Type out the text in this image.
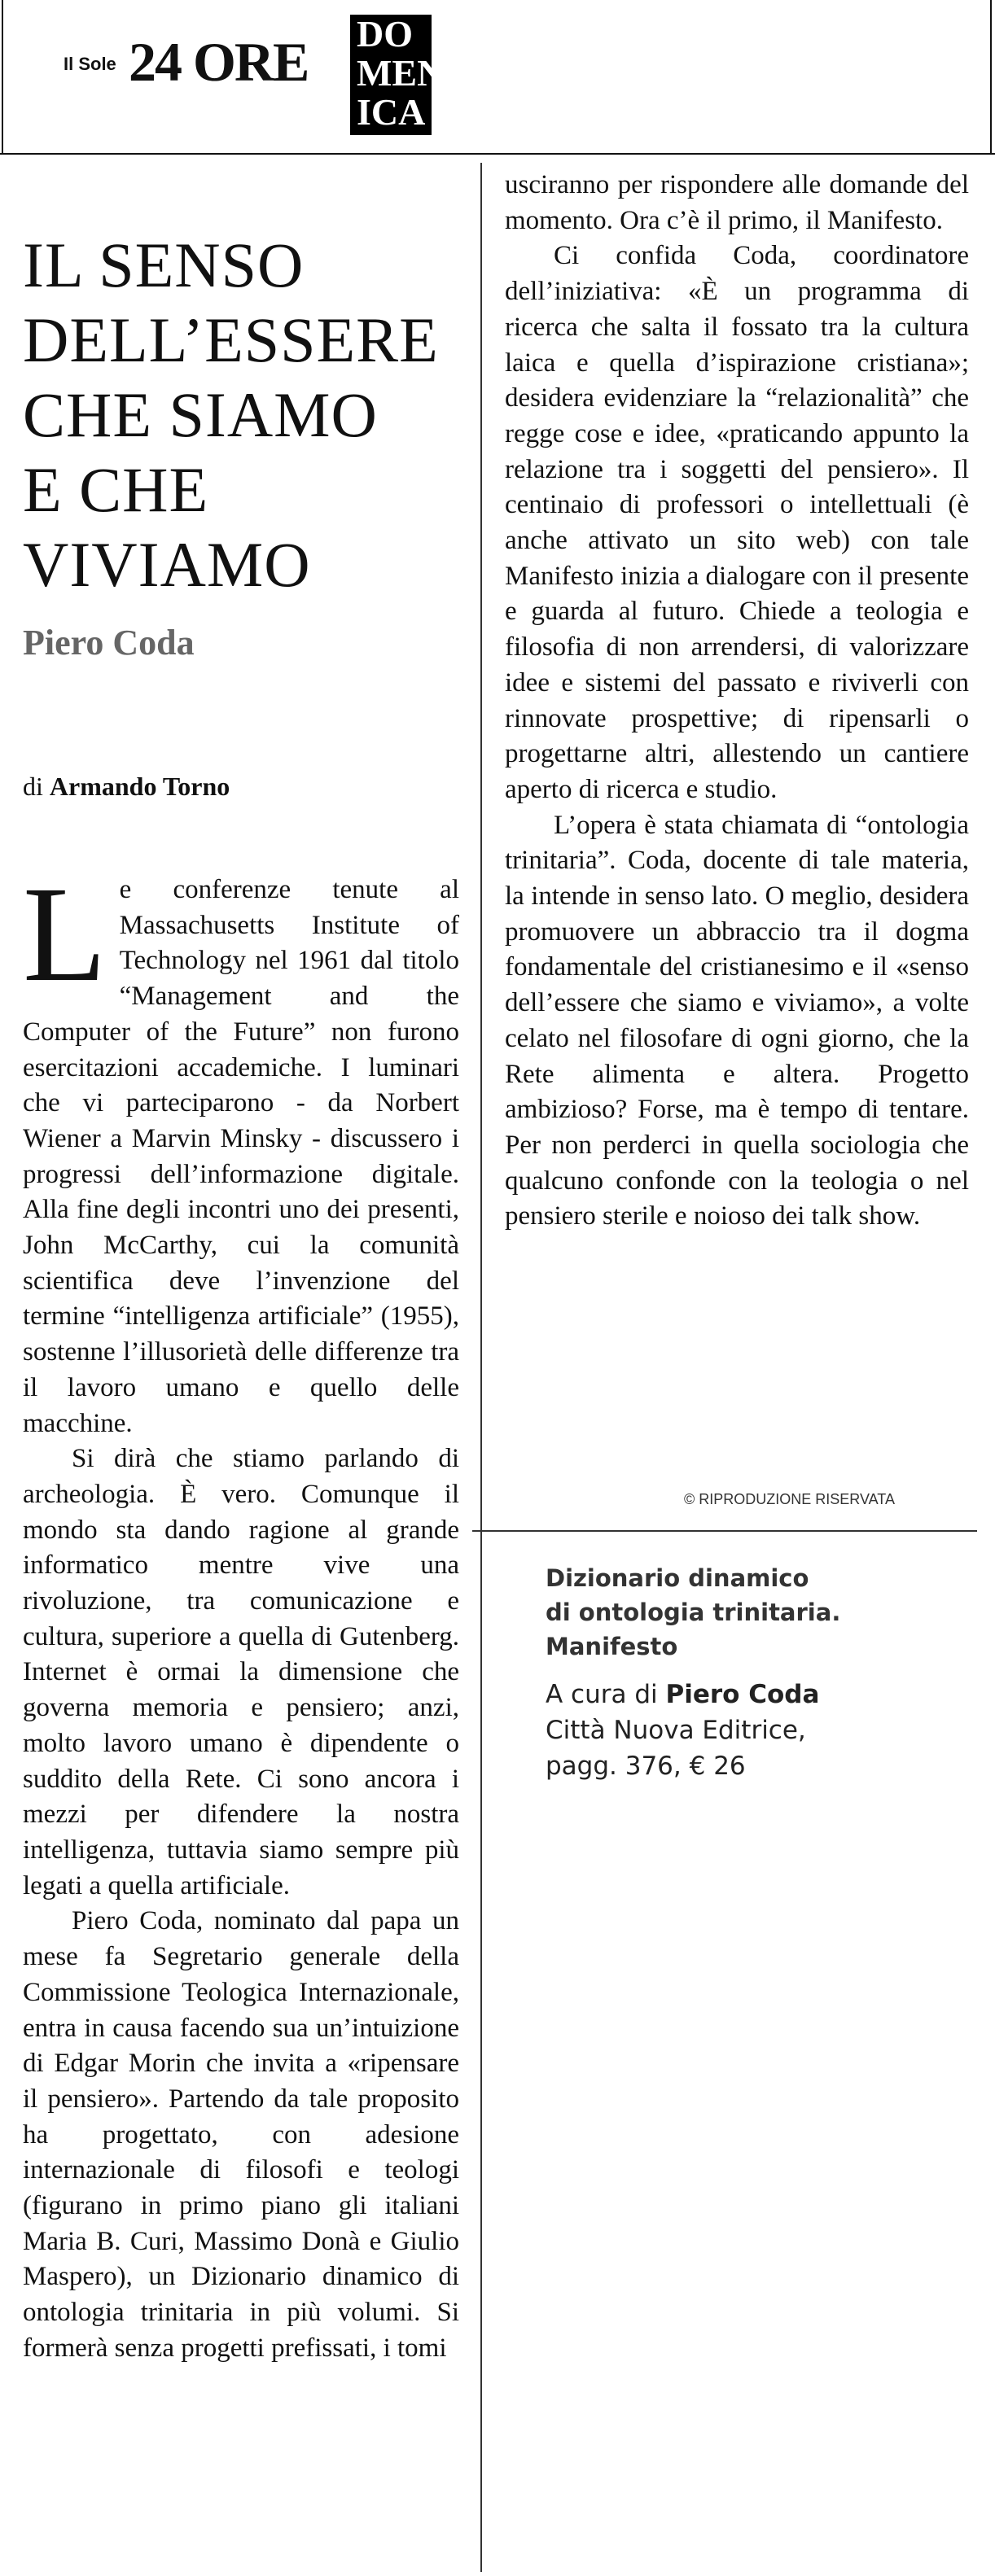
Il Sole 24 ORE DO
MEN
ICA
IL SENSO
DELL’ESSERE
CHE SIAMO
E CHE
VIVIAMO
Piero Coda
di Armando Torno

Le conferenze tenute al Massachusetts Institute of Technology nel 1961 dal titolo “Management and the Computer of the Future” non furono esercitazioni accademiche. I luminari che vi parteciparono - da Norbert Wiener a Marvin Minsky - discussero i progressi dell’informazione digitale. Alla fine degli incontri uno dei presenti, John McCarthy, cui la comunità scientifica deve l’invenzione del termine “intelligenza artificiale” (1955), sostenne l’illusorietà delle differenze tra il lavoro umano e quello delle macchine.

Si dirà che stiamo parlando di archeologia. È vero. Comunque il mondo sta dando ragione al grande informatico mentre vive una rivoluzione, tra comunicazione e cultura, superiore a quella di Gutenberg. Internet è ormai la dimensione che governa memoria e pensiero; anzi, molto lavoro umano è dipendente o suddito della Rete. Ci sono ancora i mezzi per difendere la nostra intelligenza, tuttavia siamo sempre più legati a quella artificiale.

Piero Coda, nominato dal papa un mese fa Segretario generale della Commissione Teologica Internazionale, entra in causa facendo sua un’intuizione di Edgar Morin che invita a «ripensare il pensiero». Partendo da tale proposito ha progettato, con adesione internazionale di filosofi e teologi (figurano in primo piano gli italiani Maria B. Curi, Massimo Donà e Giulio Maspero), un Dizionario dinamico di ontologia trinitaria in più volumi. Si formerà senza progetti prefissati, i tomi

usciranno per rispondere alle domande del momento. Ora c’è il primo, il Manifesto.

Ci confida Coda, coordinatore dell’iniziativa: «È un programma di ricerca che salta il fossato tra la cultura laica e quella d’ispirazione cristiana»; desidera evidenziare la “relazionalità” che regge cose e idee, «praticando appunto la relazione tra i soggetti del pensiero». Il centinaio di professori o intellettuali (è anche attivato un sito web) con tale Manifesto inizia a dialogare con il presente e guarda al futuro. Chiede a teologia e filosofia di non arrendersi, di valorizzare idee e sistemi del passato e riviverli con rinnovate prospettive; di ripensarli o progettarne altri, allestendo un cantiere aperto di ricerca e studio.

L’opera è stata chiamata di “ontologia trinitaria”. Coda, docente di tale materia, la intende in senso lato. O meglio, desidera promuovere un abbraccio tra il dogma fondamentale del cristianesimo e il «senso dell’essere che siamo e viviamo», a volte celato nel filosofare di ogni giorno, che la Rete alimenta e altera. Progetto ambizioso? Forse, ma è tempo di tentare. Per non perderci in quella sociologia che qualcuno confonde con la teologia o nel pensiero sterile e noioso dei talk show.

© RIPRODUZIONE RISERVATA
Dizionario dinamico
di ontologia trinitaria.
Manifesto
A cura di Piero Coda
Città Nuova Editrice,
pagg. 376, € 26
